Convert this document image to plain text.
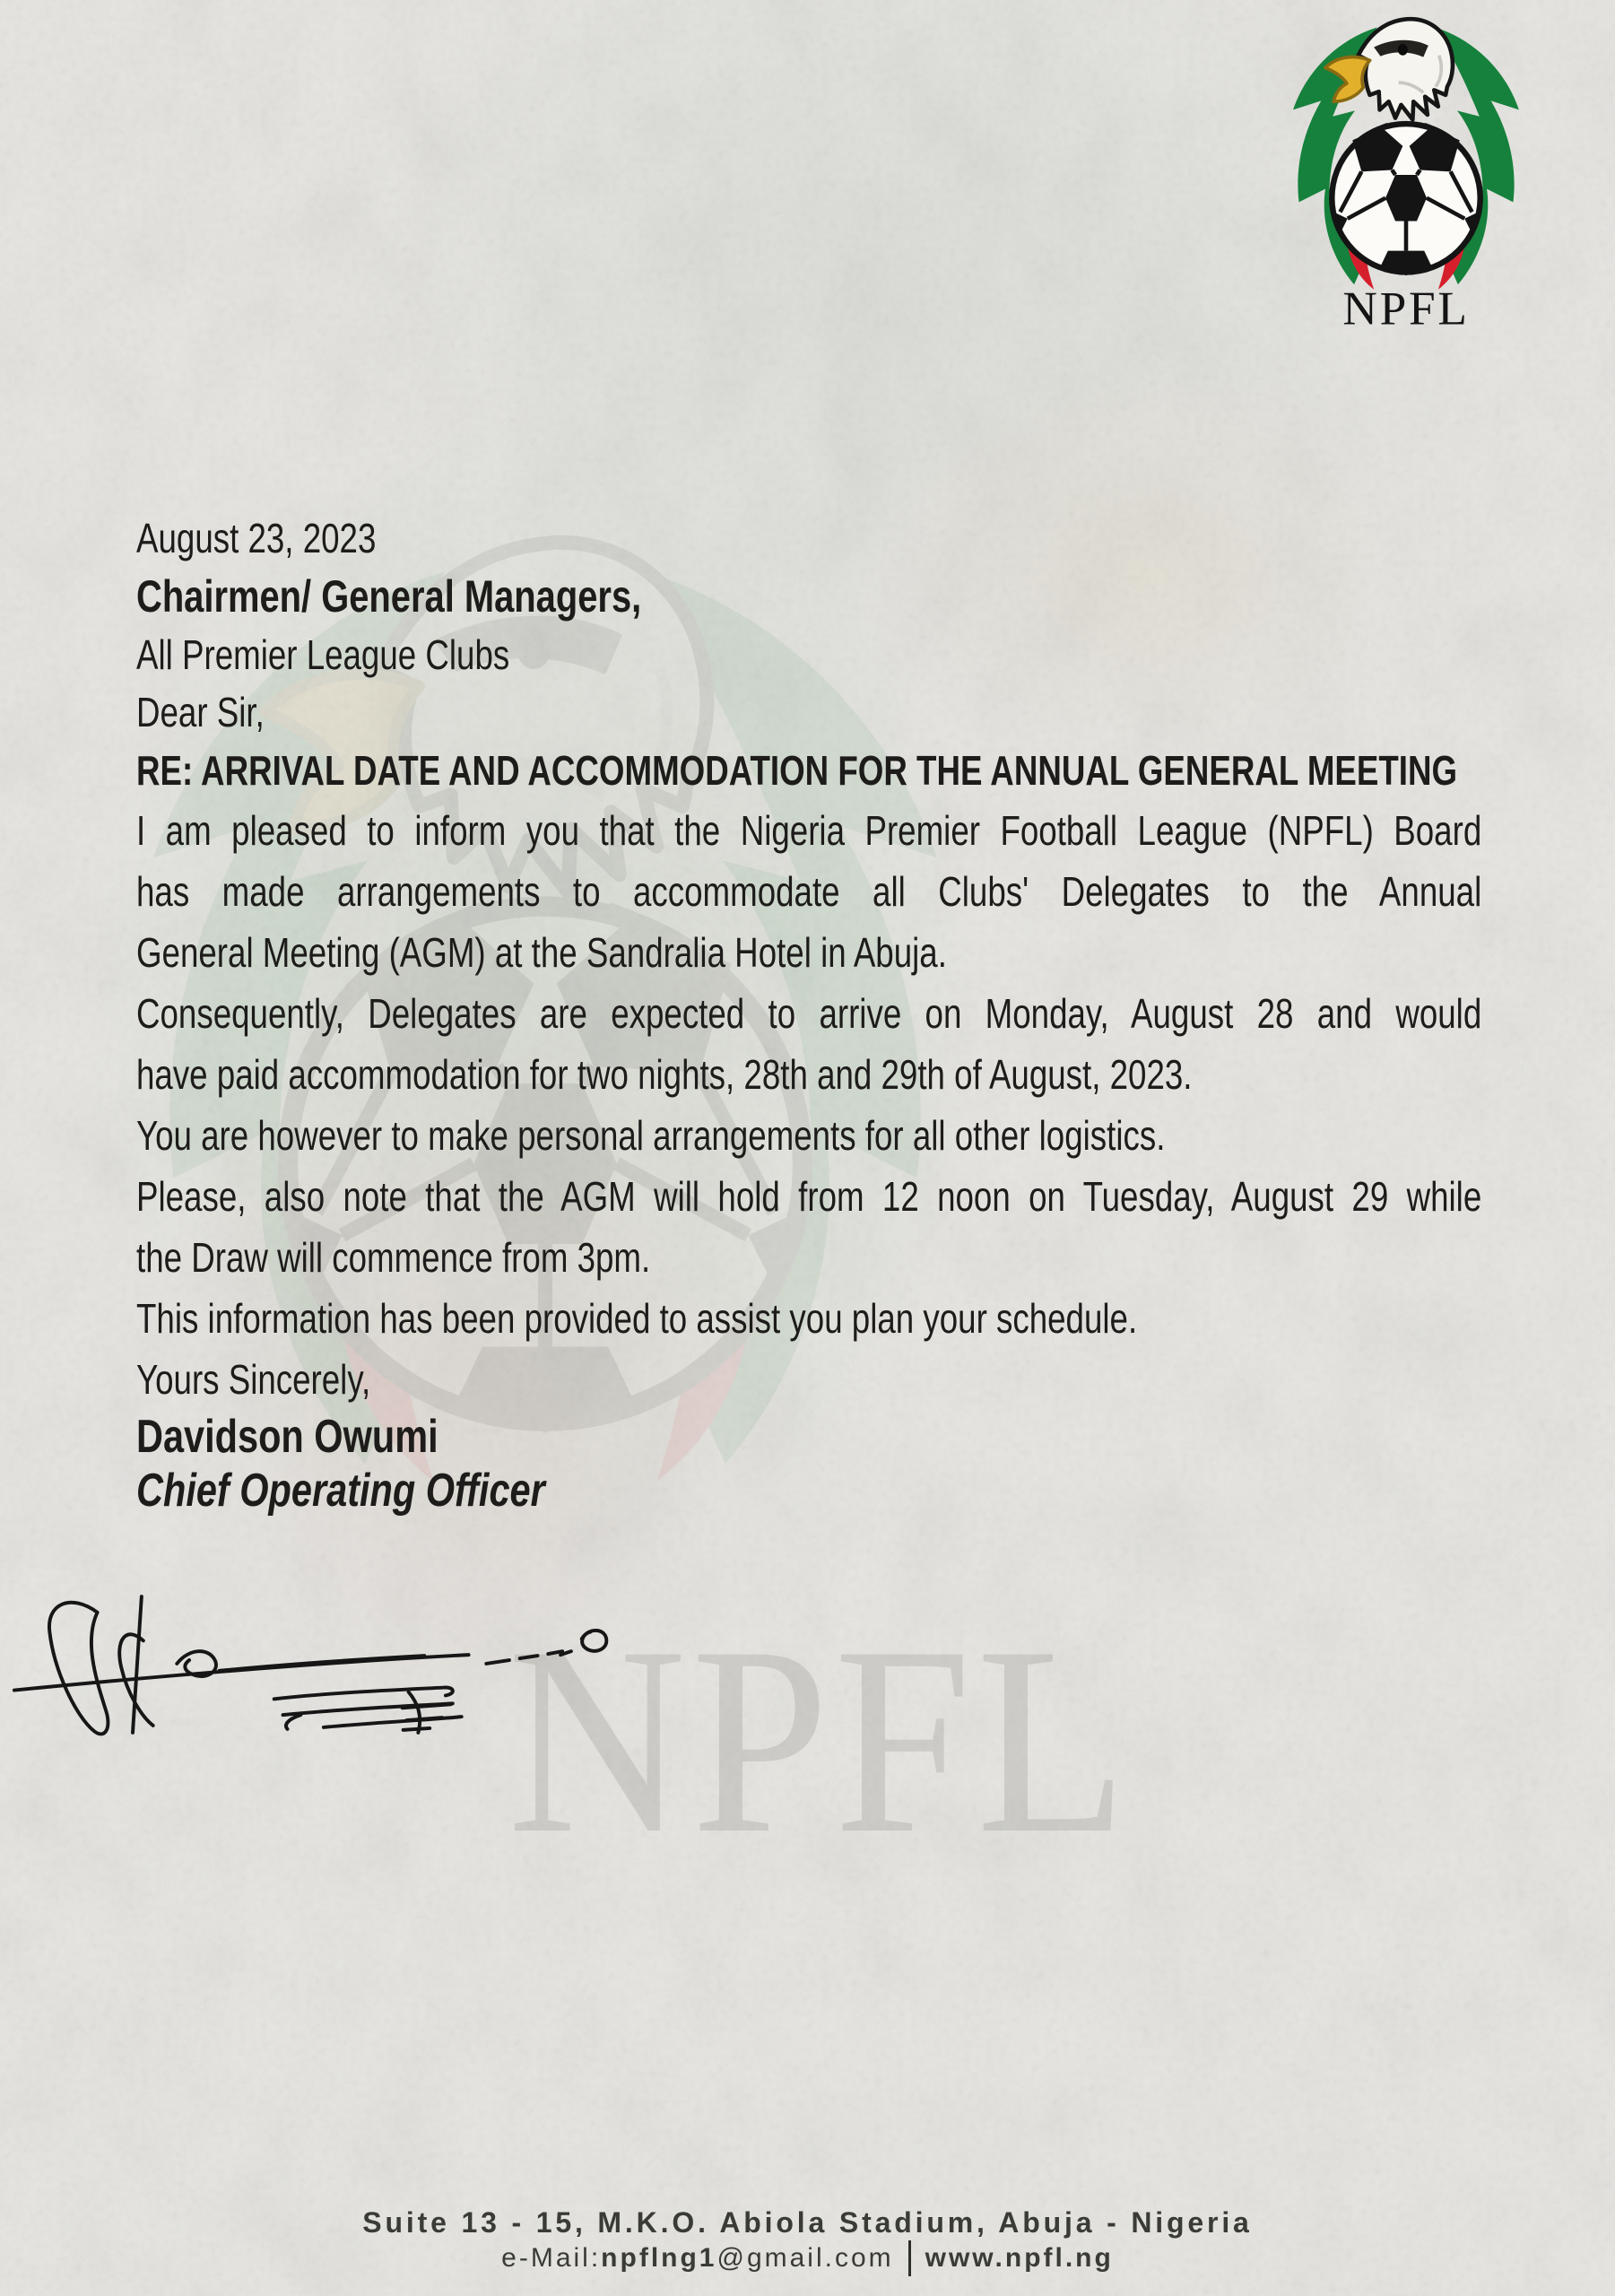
NPFL
NPFL

August 23, 2023

Chairmen/ General Managers,

All Premier League Clubs

Dear Sir,

RE: ARRIVAL DATE AND ACCOMMODATION FOR THE ANNUAL GENERAL MEETING

I am pleased to inform you that the Nigeria Premier Football League (NPFL) Board
has made arrangements to accommodate all Clubs' Delegates to the Annual
General Meeting (AGM) at the Sandralia Hotel in Abuja.

Consequently, Delegates are expected to arrive on Monday, August 28 and would
have paid accommodation for two nights, 28th and 29th of August, 2023.

You are however to make personal arrangements for all other logistics.

Please, also note that the AGM will hold from 12 noon on Tuesday, August 29 while
the Draw will commence from 3pm.

This information has been provided to assist you plan your schedule.

Yours Sincerely,

Davidson Owumi

Chief Operating Officer

Suite 13 - 15, M.K.O. Abiola Stadium, Abuja - Nigeria
e-Mail:npflng1@gmail.com www.npfl.ng
